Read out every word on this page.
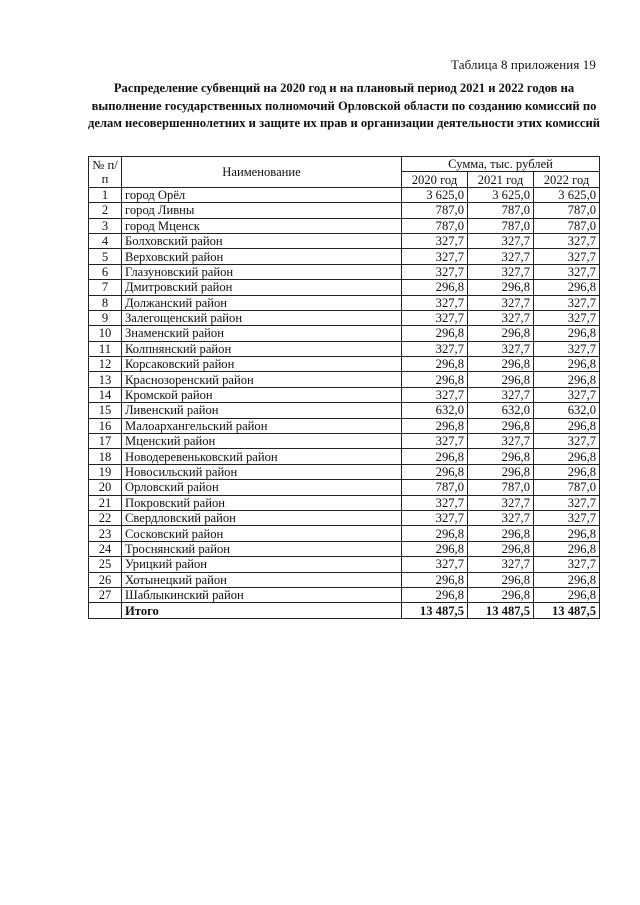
Таблица 8 приложения 19
Распределение субвенций на 2020 год и на плановый период 2021 и 2022 годов на выполнение государственных полномочий Орловской области по созданию комиссий по делам несовершеннолетних и защите их прав и организации деятельности этих комиссий
№ п/п	Наименование	Сумма, тыс. рублей		
		2020 год	2021 год	2022 год
1	город Орёл	3 625,0	3 625,0	3 625,0
2	город Ливны	787,0	787,0	787,0
3	город Мценск	787,0	787,0	787,0
4	Болховский район	327,7	327,7	327,7
5	Верховский район	327,7	327,7	327,7
6	Глазуновский район	327,7	327,7	327,7
7	Дмитровский район	296,8	296,8	296,8
8	Должанский район	327,7	327,7	327,7
9	Залегощенский район	327,7	327,7	327,7
10	Знаменский район	296,8	296,8	296,8
11	Колпнянский район	327,7	327,7	327,7
12	Корсаковский район	296,8	296,8	296,8
13	Краснозоренский район	296,8	296,8	296,8
14	Кромской район	327,7	327,7	327,7
15	Ливенский район	632,0	632,0	632,0
16	Малоархангельский район	296,8	296,8	296,8
17	Мценский район	327,7	327,7	327,7
18	Новодеревеньковский район	296,8	296,8	296,8
19	Новосильский район	296,8	296,8	296,8
20	Орловский район	787,0	787,0	787,0
21	Покровский район	327,7	327,7	327,7
22	Свердловский район	327,7	327,7	327,7
23	Сосковский район	296,8	296,8	296,8
24	Троснянский район	296,8	296,8	296,8
25	Урицкий район	327,7	327,7	327,7
26	Хотынецкий район	296,8	296,8	296,8
27	Шаблыкинский район	296,8	296,8	296,8
	Итого	13 487,5	13 487,5	13 487,5
